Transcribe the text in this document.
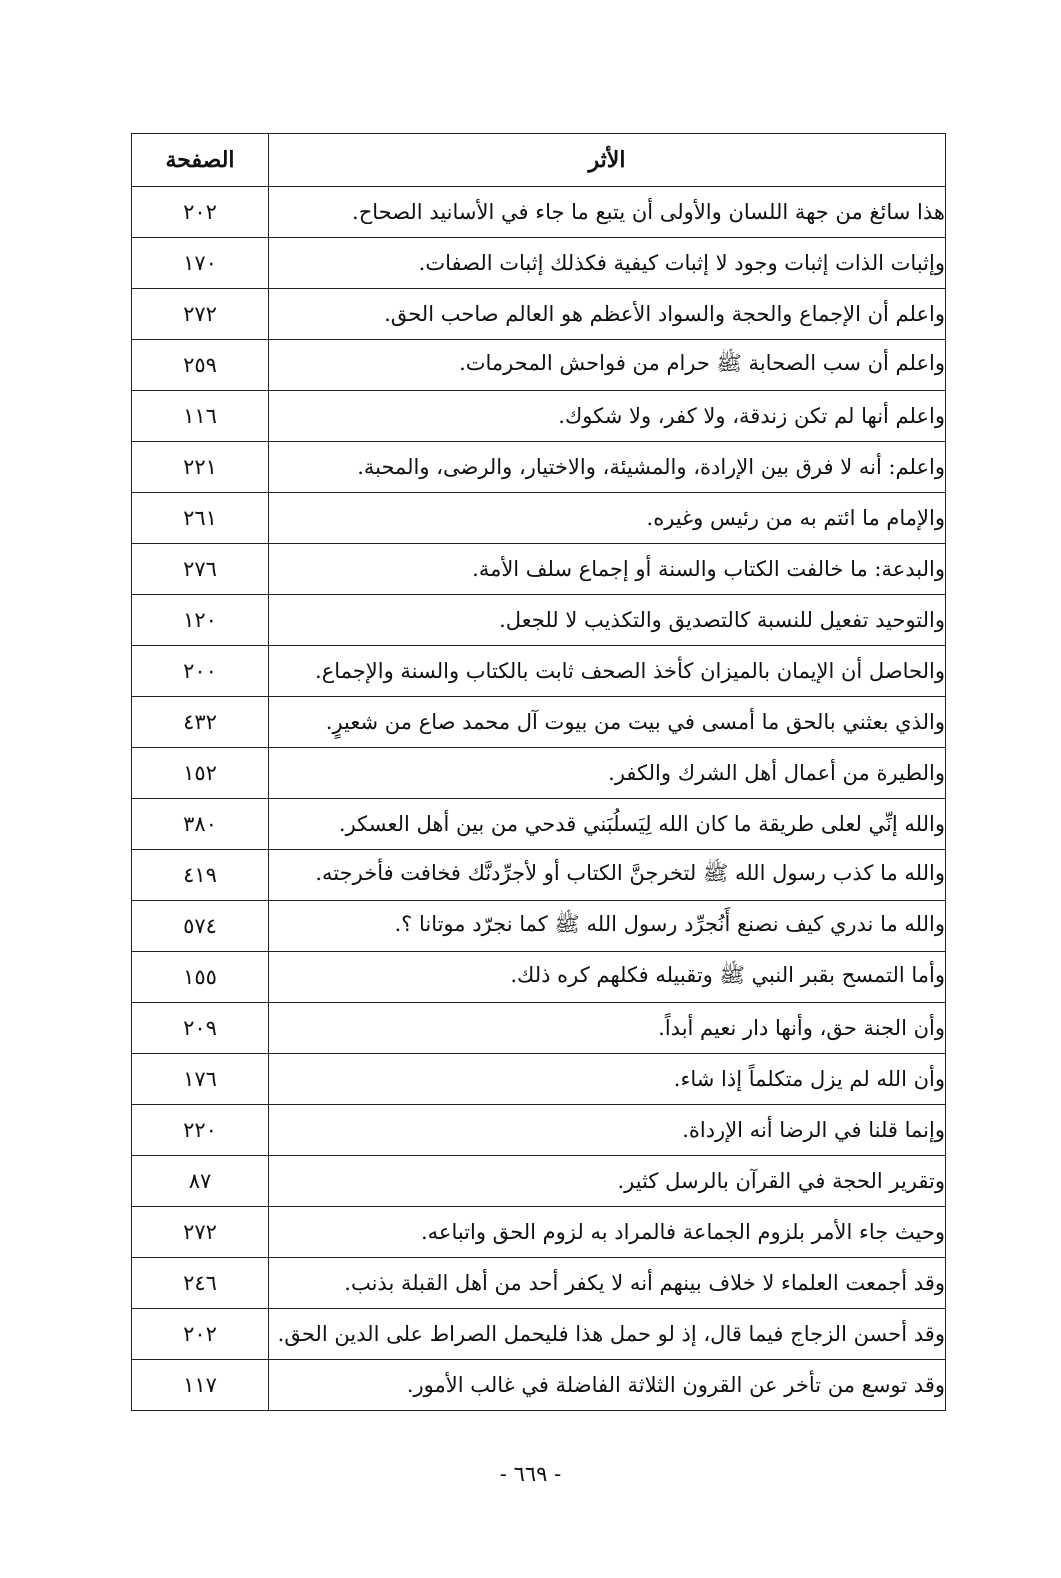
الأثر	الصفحة
هذا سائغ من جهة اللسان والأولى أن يتبع ما جاء في الأسانيد الصحاح.	٢٠٢
وإثبات الذات إثبات وجود لا إثبات كيفية فكذلك إثبات الصفات.	١٧٠
واعلم أن الإجماع والحجة والسواد الأعظم هو العالم صاحب الحق.	٢٧٢
واعلم أن سب الصحابة ﷺ حرام من فواحش المحرمات.	٢٥٩
واعلم أنها لم تكن زندقة، ولا كفر، ولا شكوك.	١١٦
واعلم: أنه لا فرق بين الإرادة، والمشيئة، والاختيار، والرضى، والمحبة.	٢٢١
والإمام ما ائتم به من رئيس وغيره.	٢٦١
والبدعة: ما خالفت الكتاب والسنة أو إجماع سلف الأمة.	٢٧٦
والتوحيد تفعيل للنسبة كالتصديق والتكذيب لا للجعل.	١٢٠
والحاصل أن الإيمان بالميزان كأخذ الصحف ثابت بالكتاب والسنة والإجماع.	٢٠٠
والذي بعثني بالحق ما أمسى في بيت من بيوت آل محمد صاع من شعيرٍ.	٤٣٢
والطيرة من أعمال أهل الشرك والكفر.	١٥٢
والله إنِّي لعلى طريقة ما كان الله لِيَسلُبَني قدحي من بين أهل العسكر.	٣٨٠
والله ما كذب رسول الله ﷺ لتخرجنَّ الكتاب أو لأجرِّدنَّك فخافت فأخرجته.	٤١٩
والله ما ندري كيف نصنع أَنُجرِّد رسول الله ﷺ كما نجرّد موتانا ؟.	٥٧٤
وأما التمسح بقبر النبي ﷺ وتقبيله فكلهم كره ذلك.	١٥٥
وأن الجنة حق، وأنها دار نعيم أبداً.	٢٠٩
وأن الله لم يزل متكلماً إذا شاء.	١٧٦
وإنما قلنا في الرضا أنه الإرداة.	٢٢٠
وتقرير الحجة في القرآن بالرسل كثير.	٨٧
وحيث جاء الأمر بلزوم الجماعة فالمراد به لزوم الحق واتباعه.	٢٧٢
وقد أجمعت العلماء لا خلاف بينهم أنه لا يكفر أحد من أهل القبلة بذنب.	٢٤٦
وقد أحسن الزجاج فيما قال، إذ لو حمل هذا فليحمل الصراط على الدين الحق.	٢٠٢
وقد توسع من تأخر عن القرون الثلاثة الفاضلة في غالب الأمور.	١١٧
- ٦٦٩ -
